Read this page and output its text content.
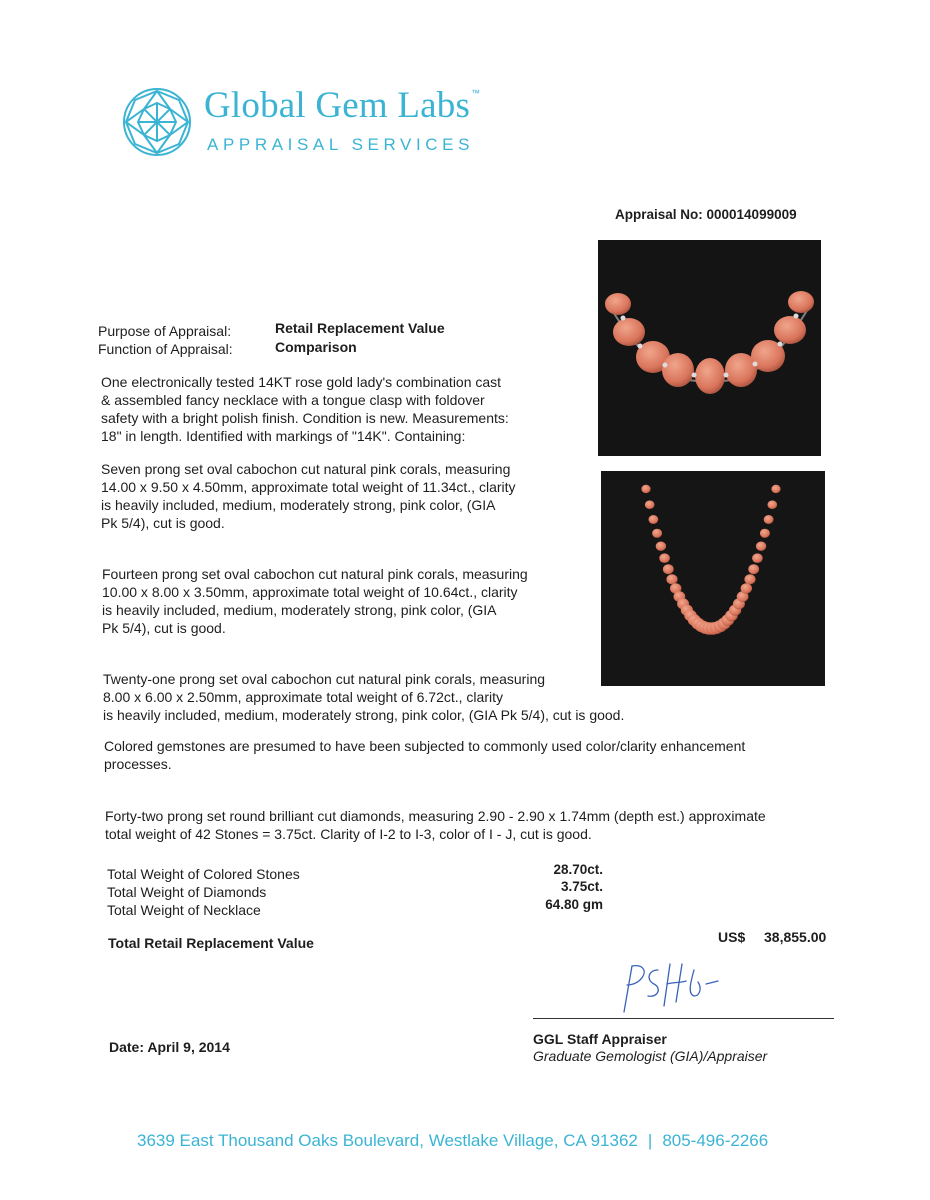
Global Gem Labs™
APPRAISAL SERVICES
Appraisal No: 000014099009
Purpose of Appraisal:	Retail Replacement Value
Function of Appraisal:	Comparison
One electronically tested 14KT rose gold lady's combination cast
& assembled fancy necklace with a tongue clasp with foldover
safety with a bright polish finish. Condition is new. Measurements:
18" in length. Identified with markings of "14K". Containing:
Seven prong set oval cabochon cut natural pink corals, measuring
14.00 x 9.50 x 4.50mm, approximate total weight of 11.34ct., clarity
is heavily included, medium, moderately strong, pink color, (GIA
Pk 5/4), cut is good.
Fourteen prong set oval cabochon cut natural pink corals, measuring
10.00 x 8.00 x 3.50mm, approximate total weight of 10.64ct., clarity
is heavily included, medium, moderately strong, pink color, (GIA
Pk 5/4), cut is good.
Twenty-one prong set oval cabochon cut natural pink corals, measuring
8.00 x 6.00 x 2.50mm, approximate total weight of 6.72ct., clarity
is heavily included, medium, moderately strong, pink color, (GIA Pk 5/4), cut is good.
Colored gemstones are presumed to have been subjected to commonly used color/clarity enhancement
processes.
Forty-two prong set round brilliant cut diamonds, measuring 2.90 - 2.90 x 1.74mm (depth est.) approximate
total weight of 42 Stones = 3.75ct. Clarity of I-2 to I-3, color of I - J, cut is good.
Total Weight of Colored Stones	28.70ct.
Total Weight of Diamonds	3.75ct.
Total Weight of Necklace	64.80 gm
Total Retail Replacement Value	US$ 38,855.00
GGL Staff Appraiser
Graduate Gemologist (GIA)/Appraiser
Date: April 9, 2014
3639 East Thousand Oaks Boulevard, Westlake Village, CA 91362 | 805-496-2266
